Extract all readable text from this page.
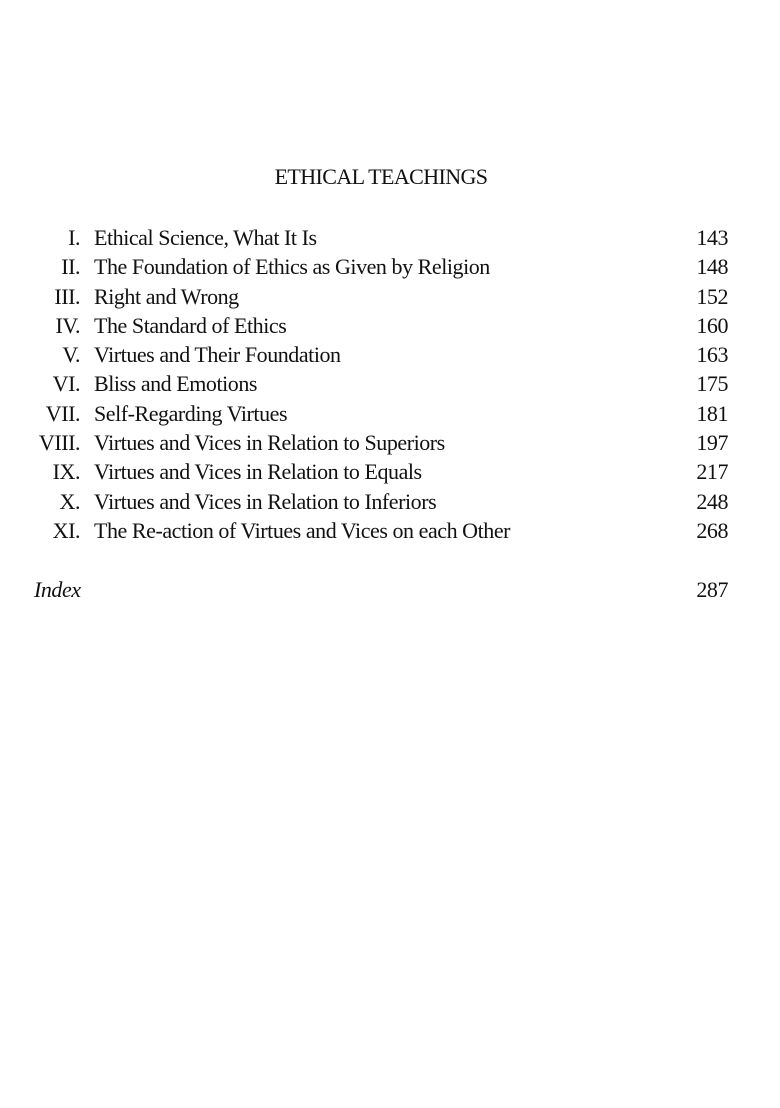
ETHICAL TEACHINGS
I. Ethical Science, What It Is	143
II. The Foundation of Ethics as Given by Religion	148
III. Right and Wrong	152
IV. The Standard of Ethics	160
V. Virtues and Their Foundation	163
VI. Bliss and Emotions	175
VII. Self-Regarding Virtues	181
VIII. Virtues and Vices in Relation to Superiors	197
IX. Virtues and Vices in Relation to Equals	217
X. Virtues and Vices in Relation to Inferiors	248
XI. The Re-action of Virtues and Vices on each Other	268
Index	287
